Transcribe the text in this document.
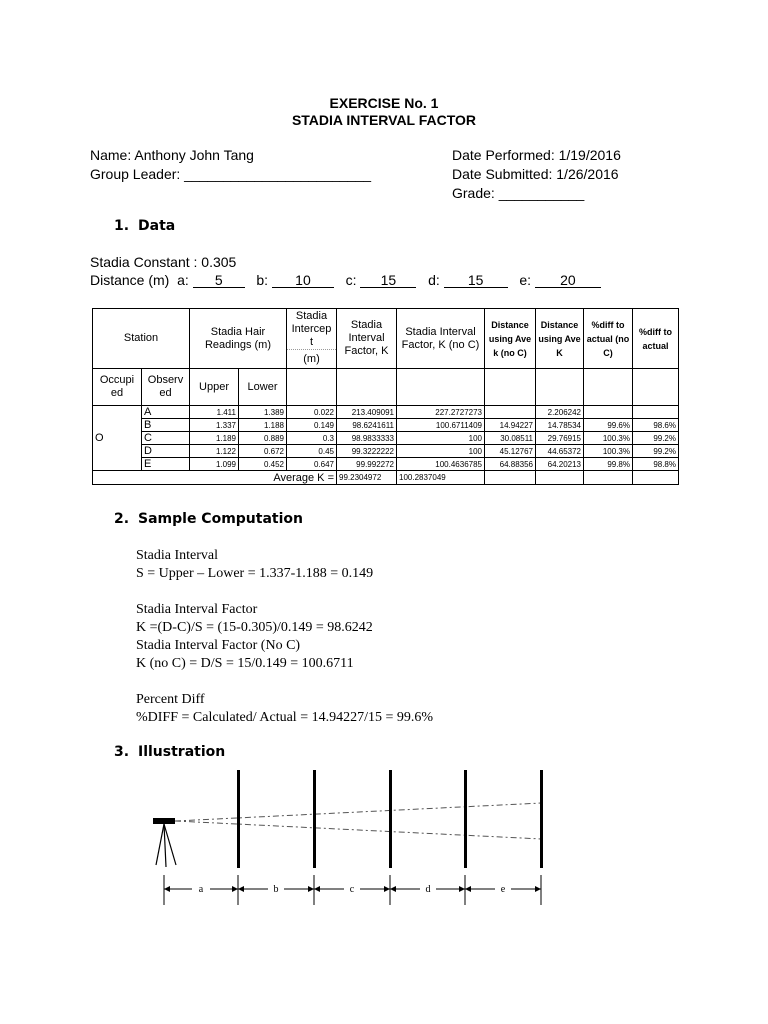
EXERCISE No. 1
STADIA INTERVAL FACTOR
Name: Anthony John Tang
Group Leader: ________________________
Date Performed: 1/19/2016
Date Submitted: 1/26/2016
Grade: ___________
1. Data
Stadia Constant : 0.305
Distance (m) a: 5 b: 10 c: 15 d: 15	e: 20
Station		Stadia Hair Readings (m)		Stadia Intercep t	Stadia Interval Factor, K	Stadia Interval Factor, K (no C)	Distance using Ave k (no C)	Distance using Ave K	%diff to actual (no C)	%diff to actual
				(m)						
Occupi ed	Observ ed	Upper	Lower							
O	A	1.411	1.389	0.022	213.409091	227.2727273		2.206242		
	B	1.337	1.188	0.149	98.6241611	100.6711409	14.94227	14.78534	99.6%	98.6%
	C	1.189	0.889	0.3	98.9833333	100	30.08511	29.76915	100.3%	99.2%
	D	1.122	0.672	0.45	99.3222222	100	45.12767	44.65372	100.3%	99.2%
	E	1.099	0.452	0.647	99.992272	100.4636785	64.88356	64.20213	99.8%	98.8%
Average K =					99.2304972	100.2837049				
2. Sample Computation
Stadia Interval
S = Upper – Lower = 1.337-1.188 = 0.149
Stadia Interval Factor
K =(D-C)/S = (15-0.305)/0.149 = 98.6242
Stadia Interval Factor (No C)
K (no C) = D/S = 15/0.149 = 100.6711
Percent Diff
%DIFF = Calculated/ Actual = 14.94227/15 = 99.6%
3. Illustration
a	b	c	d	e
